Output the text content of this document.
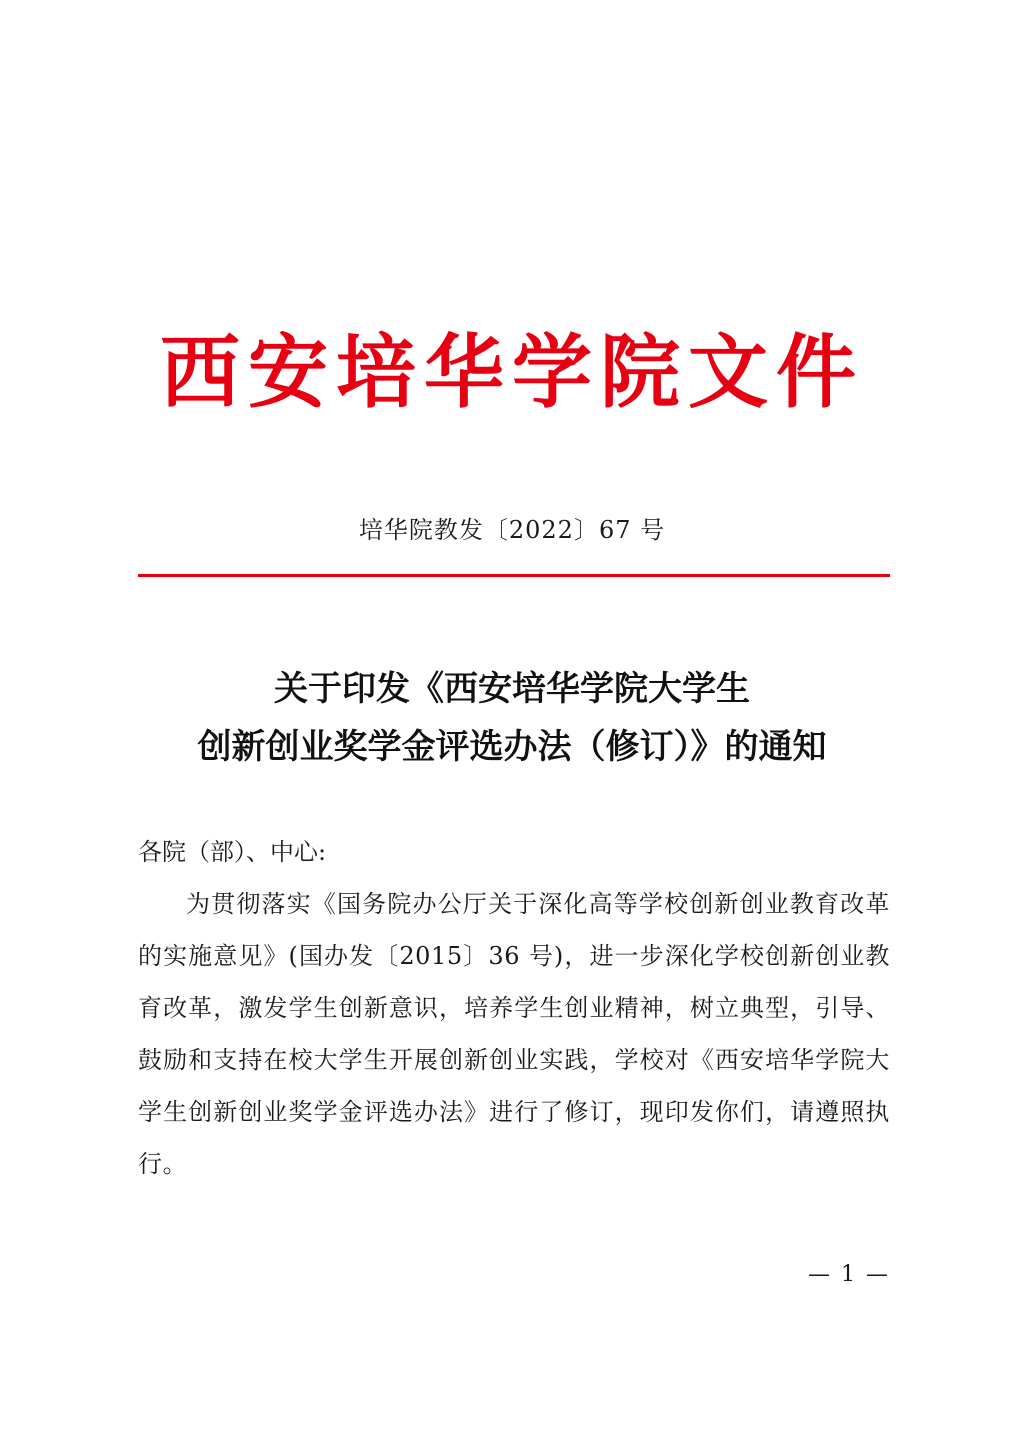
西安培华学院文件
培华院教发〔2022〕67 号
关于印发《西安培华学院大学生
创新创业奖学金评选办法（修订）》的通知

各院（部）、中心:

为贯彻落实《国务院办公厅关于深化高等学校创新创业教育改革的实施意见》(国办发〔2015〕36 号)，进一步深化学校创新创业教育改革，激发学生创新意识，培养学生创业精神，树立典型，引导、鼓励和支持在校大学生开展创新创业实践，学校对《西安培华学院大学生创新创业奖学金评选办法》进行了修订，现印发你们，请遵照执行。

— 1 —
